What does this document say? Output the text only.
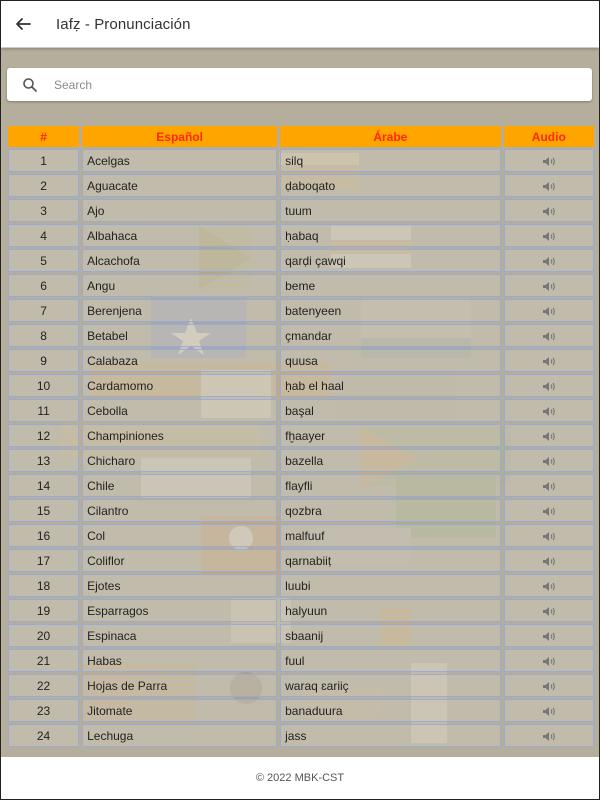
Iafẓ - Pronunciación
Search
#	Español	Árabe	Audio
1	Acelgas	silq	
2	Aguacate	ḍaboqato	
3	Ajo	tuum	
4	Albahaca	ḥabaq	
5	Alcachofa	qarḍi çawqi	
6	Angu	beme	
7	Berenjena	batenyeen	
8	Betabel	çmandar	
9	Calabaza	quusa	
10	Cardamomo	ḥab el haal	
11	Cebolla	başal	
12	Champiniones	fḫaayer	
13	Chicharo	bazella	
14	Chile	flayfli	
15	Cilantro	qozbra	
16	Col	malfuuf	
17	Coliflor	qarnabiiṭ	
18	Ejotes	luubi	
19	Esparragos	halyuun	
20	Espinaca	sbaanij	
21	Habas	fuul	
22	Hojas de Parra	waraq ɛariiç	
23	Jitomate	banaduura	
24	Lechuga	jass	
© 2022 MBK-CST
